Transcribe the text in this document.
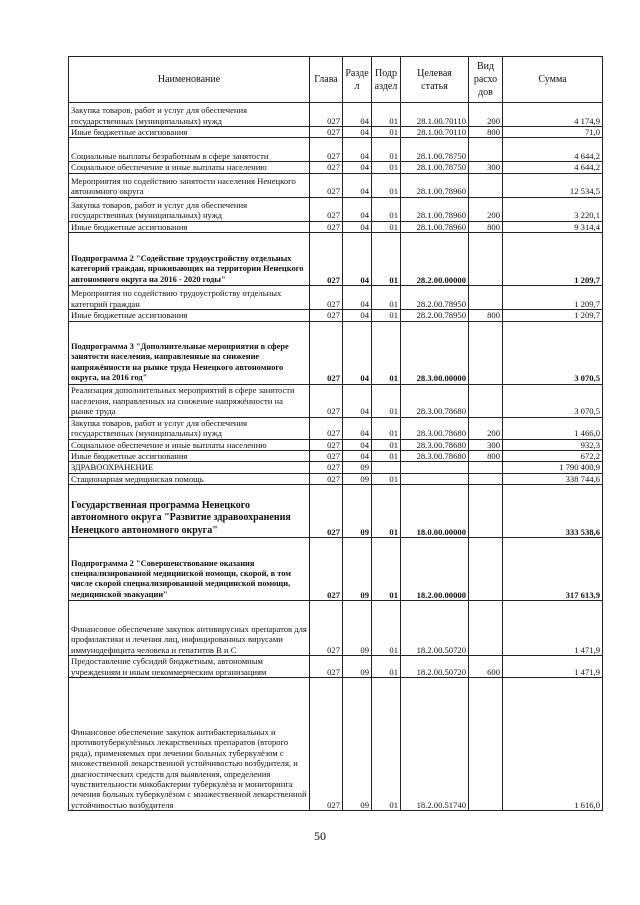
Наименование	Глава	Разде л	Подр аздел	Целевая статья	Вид расхо дов	Сумма
Закупка товаров, работ и услуг для обеспечения государственных (муниципальных) нужд	027	04	01	28.1.00.70110	200	4 174,9
Иные бюджетные ассигнования	027	04	01	28.1.00.70110	800	71,0
Социальные выплаты безработным в сфере занятости	027	04	01	28.1.00.78750		4 644,2
Социальное обеспечение и иные выплаты населению	027	04	01	28.1.00.78750	300	4 644,2
Мероприятия по содействию занятости населения Ненецкого автономного округа	027	04	01	28.1.00.78960		12 534,5
Закупка товаров, работ и услуг для обеспечения государственных (муниципальных) нужд	027	04	01	28.1.00.78960	200	3 220,1
Иные бюджетные ассигнования	027	04	01	28.1.00.78960	800	9 314,4
Подпрограмма 2 "Содействие трудоустройству отдельных категорий граждан, проживающих на территории Ненецкого автономного округа на 2016 - 2020 годы"	027	04	01	28.2.00.00000		1 209,7
Мероприятия по содействию трудоустройству отдельных категорий граждан	027	04	01	28.2.00.78950		1 209,7
Иные бюджетные ассигнования	027	04	01	28.2.00.78950	800	1 209,7
Подпрограмма 3 "Дополнительные мероприятия в сфере занятости населения, направленные на снижение напряжённости на рынке труда Ненецкого автономного округа, на 2016 год"	027	04	01	28.3.00.00000		3 070,5
Реализация дополнительных мероприятий в сфере занятости населения, направленных на снижение напряжённости на рынке труда	027	04	01	28.3.00.78680		3 070,5
Закупка товаров, работ и услуг для обеспечения государственных (муниципальных) нужд	027	04	01	28.3.00.78680	200	1 466,0
Социальное обеспечение и иные выплаты населению	027	04	01	28.3.00.78680	300	932,3
Иные бюджетные ассигнования	027	04	01	28.3.00.78680	800	672,2
ЗДРАВООХРАНЕНИЕ	027	09				1 790 400,9
Стационарная медицинская помощь	027	09	01			338 744,6
Государственная программа Ненецкого автономного округа "Развитие здравоохранения Ненецкого автономного округа"	027	09	01	18.0.00.00000		333 538,6
Подпрограмма 2 "Совершенствование оказания специализированной медицинской помощи, скорой, в том числе скорой специализированной медицинской помощи, медицинской эвакуации"	027	09	01	18.2.00.00000		317 613,9
Финансовое обеспечение закупок антивирусных препаратов для профилактики и лечения лиц, инфицированных вирусами иммунодефицита человека и гепатитов В и С	027	09	01	18.2.00.50720		1 471,9
Предоставление субсидий бюджетным, автономным учреждениям и иным некоммерческим организациям	027	09	01	18.2.00.50720	600	1 471,9
Финансовое обеспечение закупок антибактериальных и противотуберкулёзных лекарственных препаратов (второго ряда), применяемых при лечении больных туберкулёзом с множественной лекарственной устойчивостью возбудителя, и диагностических средств для выявления, определения чувствительности микобактерии туберкулёза и мониторинга лечения больных туберкулёзом с множественной лекарственной устойчивостью возбудителя	027	09	01	18.2.00.51740		1 616,0
50
